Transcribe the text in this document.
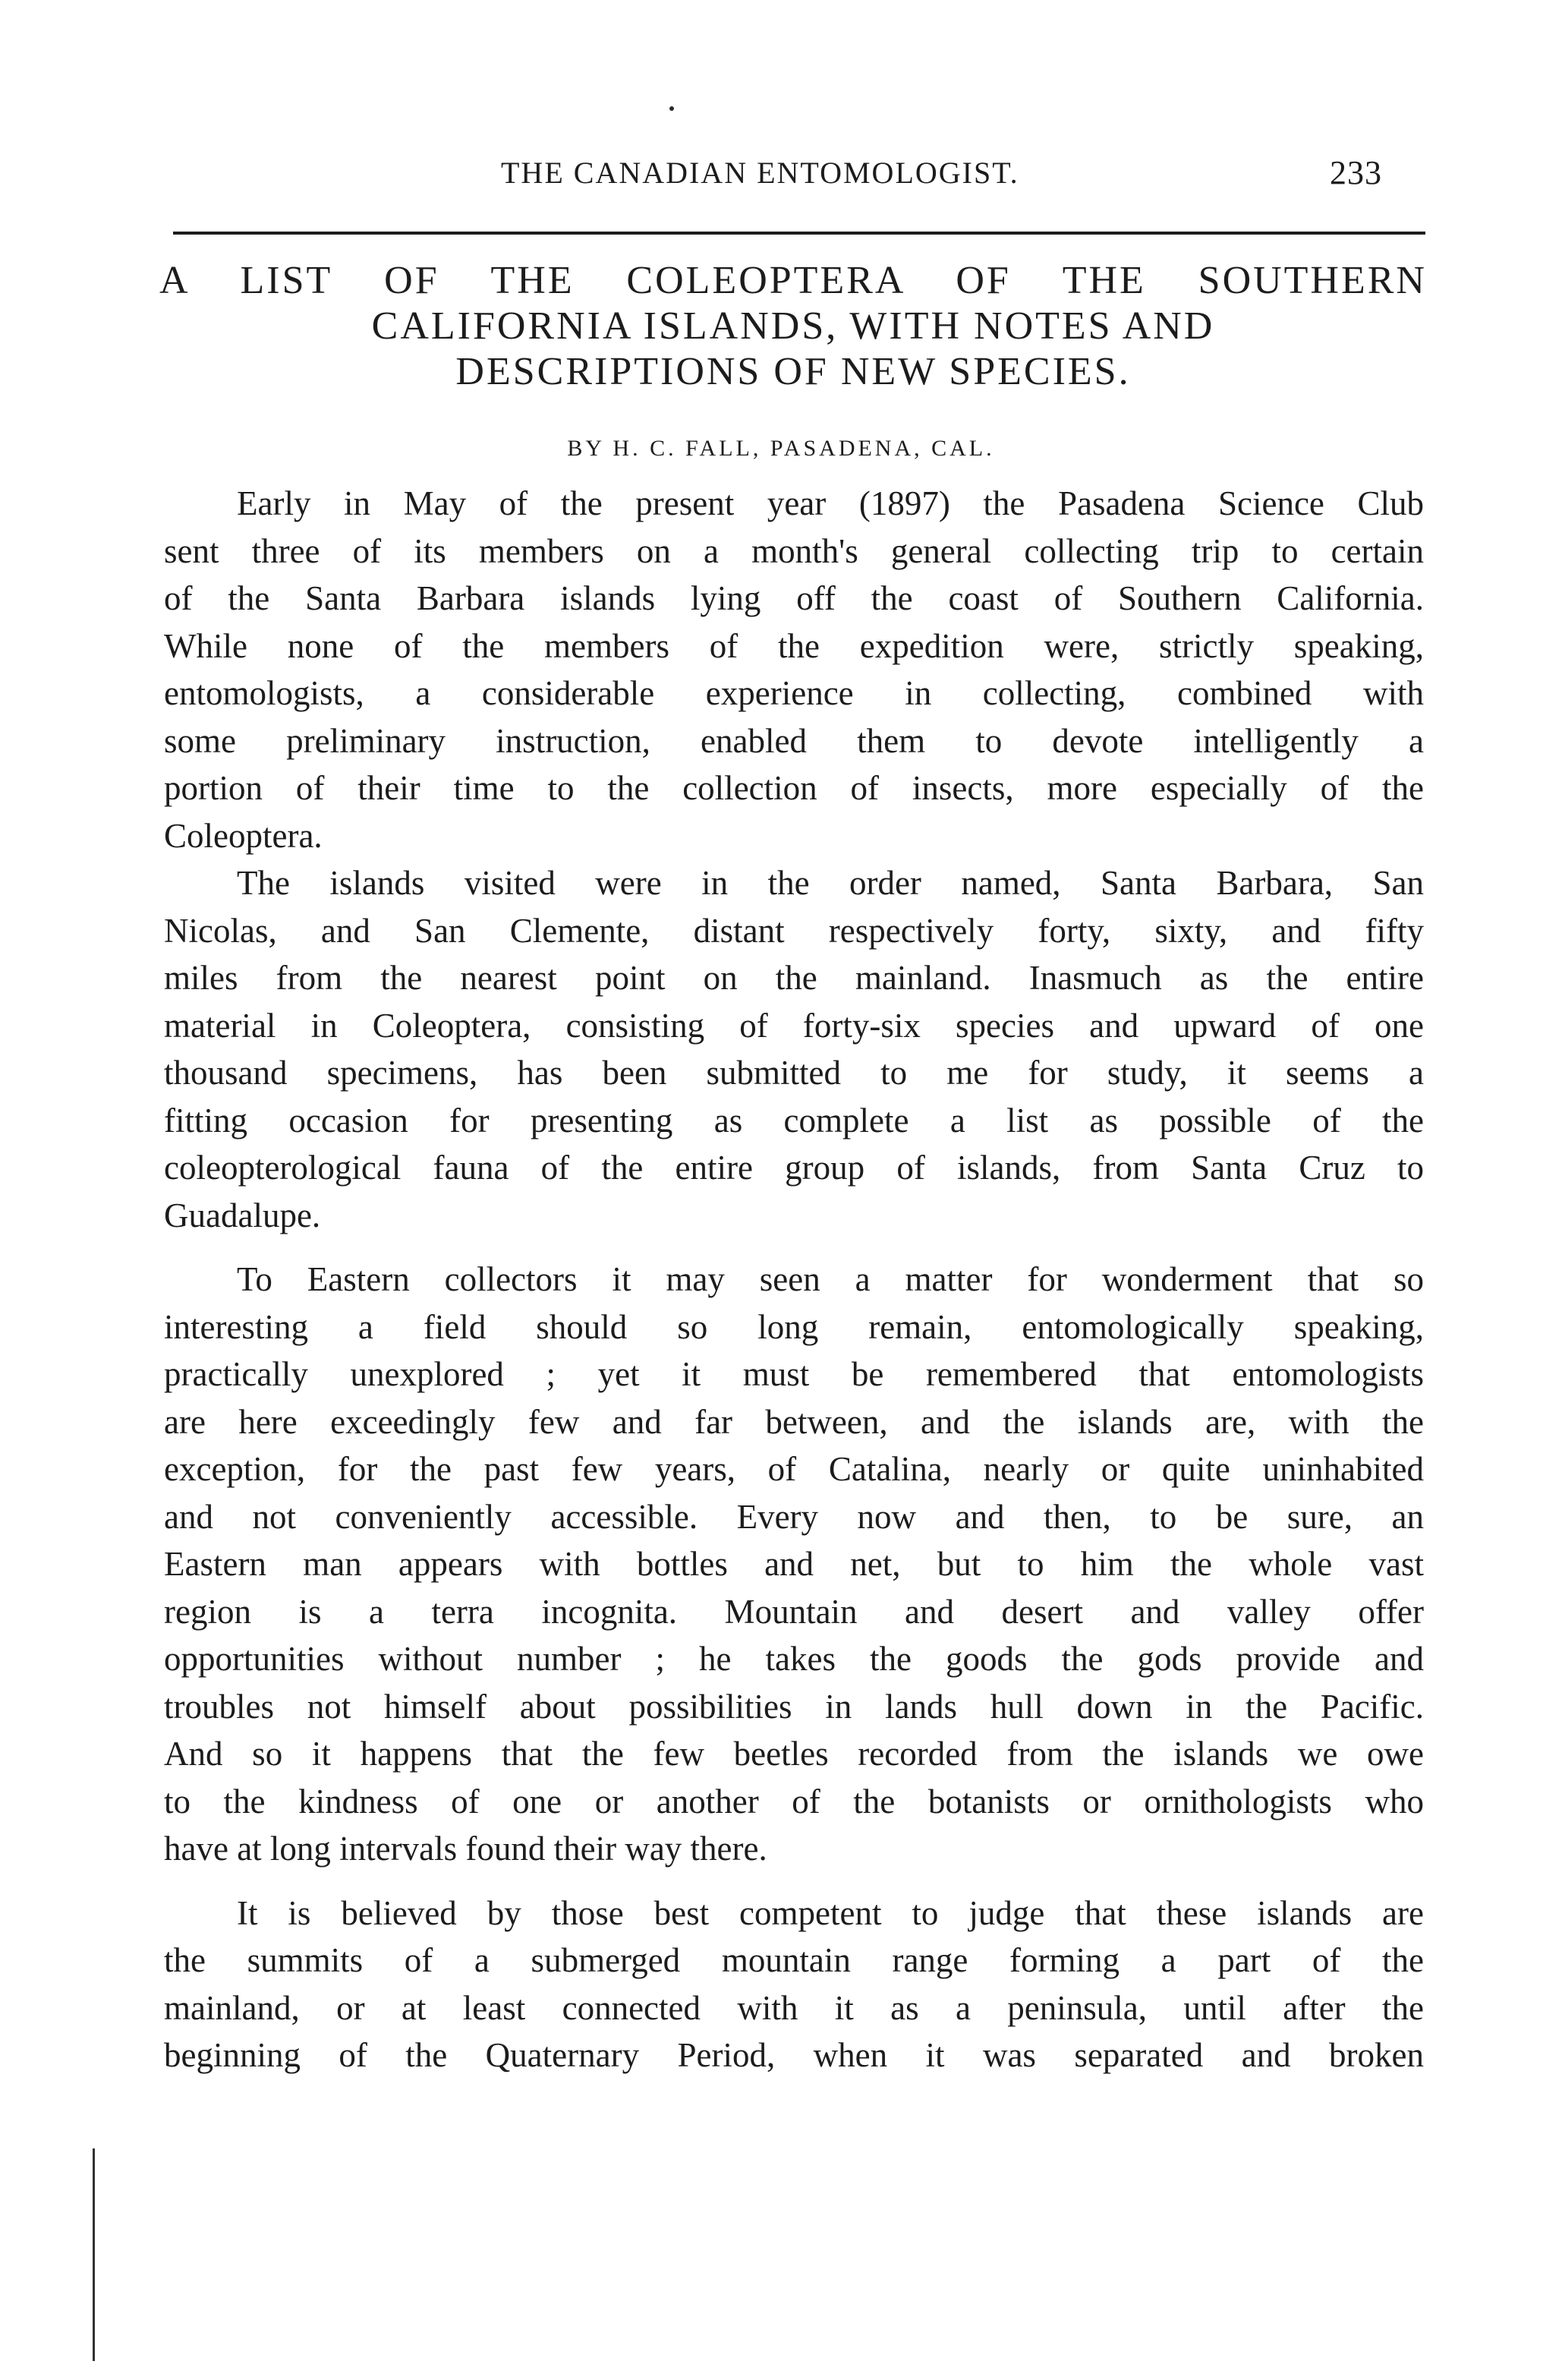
THE CANADIAN ENTOMOLOGIST.	233
A LIST OF THE COLEOPTERA OF THE SOUTHERN
CALIFORNIA ISLANDS, WITH NOTES AND
DESCRIPTIONS OF NEW SPECIES.
BY H. C. FALL, PASADENA, CAL.

Early in May of the present year (1897) the Pasadena Science Club
sent three of its members on a month's general collecting trip to certain
of the Santa Barbara islands lying off the coast of Southern California.
While none of the members of the expedition were, strictly speaking,
entomologists, a considerable experience in collecting, combined with
some preliminary instruction, enabled them to devote intelligently a
portion of their time to the collection of insects, more especially of the
Coleoptera.

The islands visited were in the order named, Santa Barbara, San
Nicolas, and San Clemente, distant respectively forty, sixty, and fifty
miles from the nearest point on the mainland. Inasmuch as the entire
material in Coleoptera, consisting of forty-six species and upward of one
thousand specimens, has been submitted to me for study, it seems a
fitting occasion for presenting as complete a list as possible of the
coleopterological fauna of the entire group of islands, from Santa Cruz to
Guadalupe.

To Eastern collectors it may seen a matter for wonderment that so
interesting a field should so long remain, entomologically speaking,
practically unexplored ; yet it must be remembered that entomologists
are here exceedingly few and far between, and the islands are, with the
exception, for the past few years, of Catalina, nearly or quite uninhabited
and not conveniently accessible. Every now and then, to be sure, an
Eastern man appears with bottles and net, but to him the whole vast
region is a terra incognita. Mountain and desert and valley offer
opportunities without number ; he takes the goods the gods provide and
troubles not himself about possibilities in lands hull down in the Pacific.
And so it happens that the few beetles recorded from the islands we owe
to the kindness of one or another of the botanists or ornithologists who
have at long intervals found their way there.

It is believed by those best competent to judge that these islands are
the summits of a submerged mountain range forming a part of the
mainland, or at least connected with it as a peninsula, until after the
beginning of the Quaternary Period, when it was separated and broken
